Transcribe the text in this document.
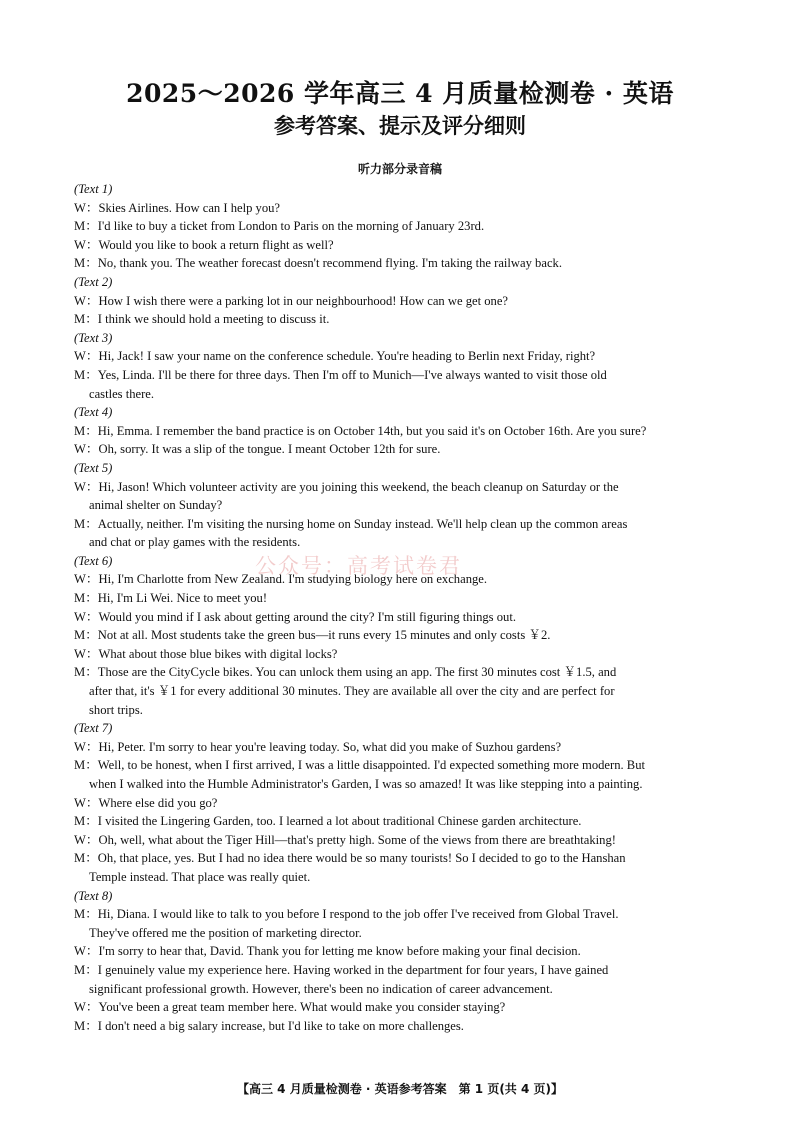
2025～2026 学年高三 4 月质量检测卷 · 英语
参考答案、提示及评分细则
听力部分录音稿
(Text 1)
W：Skies Airlines. How can I help you?
M：I'd like to buy a ticket from London to Paris on the morning of January 23rd.
W：Would you like to book a return flight as well?
M：No, thank you. The weather forecast doesn't recommend flying. I'm taking the railway back.
(Text 2)
W：How I wish there were a parking lot in our neighbourhood! How can we get one?
M：I think we should hold a meeting to discuss it.
(Text 3)
W：Hi, Jack! I saw your name on the conference schedule. You're heading to Berlin next Friday, right?
M：Yes, Linda. I'll be there for three days. Then I'm off to Munich—I've always wanted to visit those old
castles there.
(Text 4)
M：Hi, Emma. I remember the band practice is on October 14th, but you said it's on October 16th. Are you sure?
W：Oh, sorry. It was a slip of the tongue. I meant October 12th for sure.
(Text 5)
W：Hi, Jason! Which volunteer activity are you joining this weekend, the beach cleanup on Saturday or the
animal shelter on Sunday?
M：Actually, neither. I'm visiting the nursing home on Sunday instead. We'll help clean up the common areas
and chat or play games with the residents.
(Text 6)
W：Hi, I'm Charlotte from New Zealand. I'm studying biology here on exchange.
M：Hi, I'm Li Wei. Nice to meet you!
W：Would you mind if I ask about getting around the city? I'm still figuring things out.
M：Not at all. Most students take the green bus—it runs every 15 minutes and only costs ￥2.
W：What about those blue bikes with digital locks?
M：Those are the CityCycle bikes. You can unlock them using an app. The first 30 minutes cost ￥1.5, and
after that, it's ￥1 for every additional 30 minutes. They are available all over the city and are perfect for
short trips.
(Text 7)
W：Hi, Peter. I'm sorry to hear you're leaving today. So, what did you make of Suzhou gardens?
M：Well, to be honest, when I first arrived, I was a little disappointed. I'd expected something more modern. But
when I walked into the Humble Administrator's Garden, I was so amazed! It was like stepping into a painting.
W：Where else did you go?
M：I visited the Lingering Garden, too. I learned a lot about traditional Chinese garden architecture.
W：Oh, well, what about the Tiger Hill—that's pretty high. Some of the views from there are breathtaking!
M：Oh, that place, yes. But I had no idea there would be so many tourists! So I decided to go to the Hanshan
Temple instead. That place was really quiet.
(Text 8)
M：Hi, Diana. I would like to talk to you before I respond to the job offer I've received from Global Travel.
They've offered me the position of marketing director.
W：I'm sorry to hear that, David. Thank you for letting me know before making your final decision.
M：I genuinely value my experience here. Having worked in the department for four years, I have gained
significant professional growth. However, there's been no indication of career advancement.
W：You've been a great team member here. What would make you consider staying?
M：I don't need a big salary increase, but I'd like to take on more challenges.
公众号：高考试卷君
【高三 4 月质量检测卷 · 英语参考答案　第 1 页(共 4 页)】
